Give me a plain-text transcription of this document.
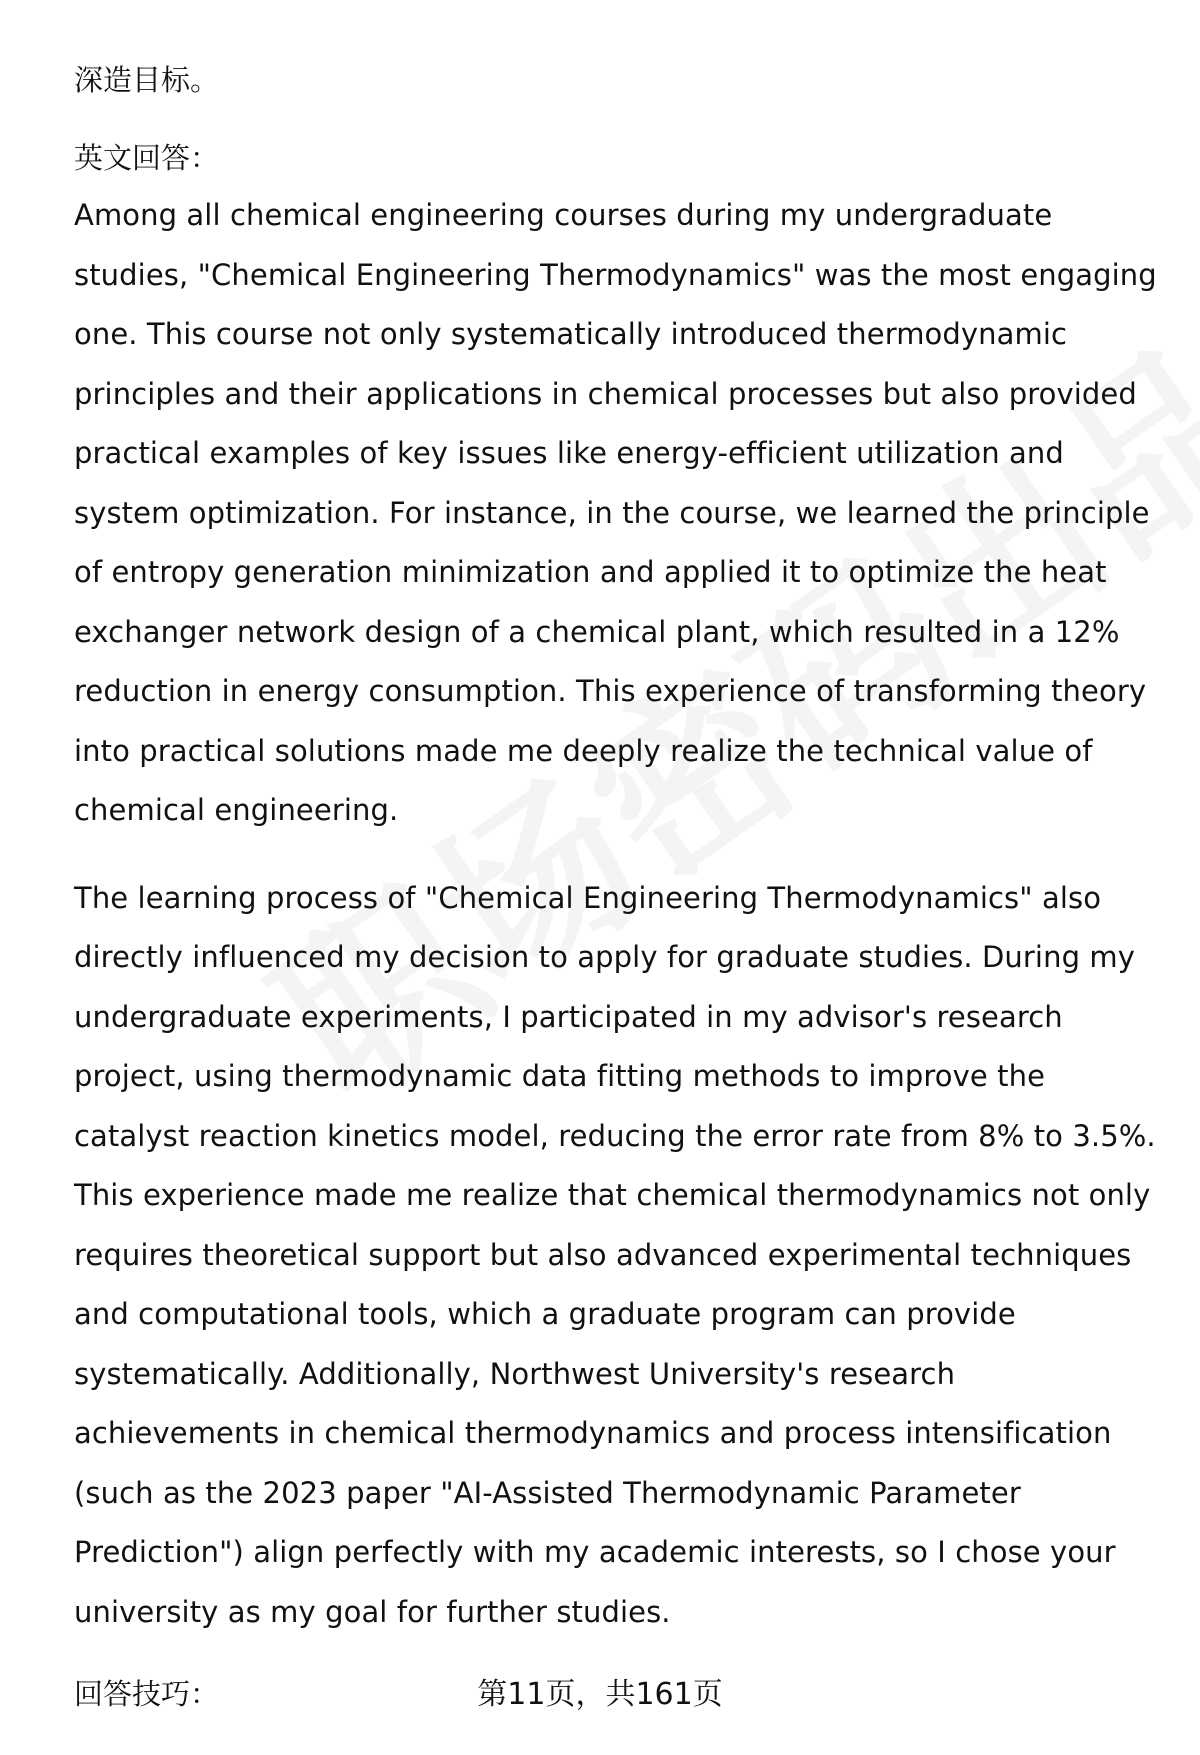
深造目标。

英文回答：

Among all chemical engineering courses during my undergraduate studies, "Chemical Engineering Thermodynamics" was the most engaging one. This course not only systematically introduced thermodynamic principles and their applications in chemical processes but also provided practical examples of key issues like energy-efficient utilization and system optimization. For instance, in the course, we learned the principle of entropy generation minimization and applied it to optimize the heat exchanger network design of a chemical plant, which resulted in a 12% reduction in energy consumption. This experience of transforming theory into practical solutions made me deeply realize the technical value of chemical engineering.

The learning process of "Chemical Engineering Thermodynamics" also directly influenced my decision to apply for graduate studies. During my undergraduate experiments, I participated in my advisor's research project, using thermodynamic data fitting methods to improve the catalyst reaction kinetics model, reducing the error rate from 8% to 3.5%. This experience made me realize that chemical thermodynamics not only requires theoretical support but also advanced experimental techniques and computational tools, which a graduate program can provide systematically. Additionally, Northwest University's research achievements in chemical thermodynamics and process intensification (such as the 2023 paper "AI-Assisted Thermodynamic Parameter Prediction") align perfectly with my academic interests, so I chose your university as my goal for further studies.

回答技巧：	第11页，共161页
